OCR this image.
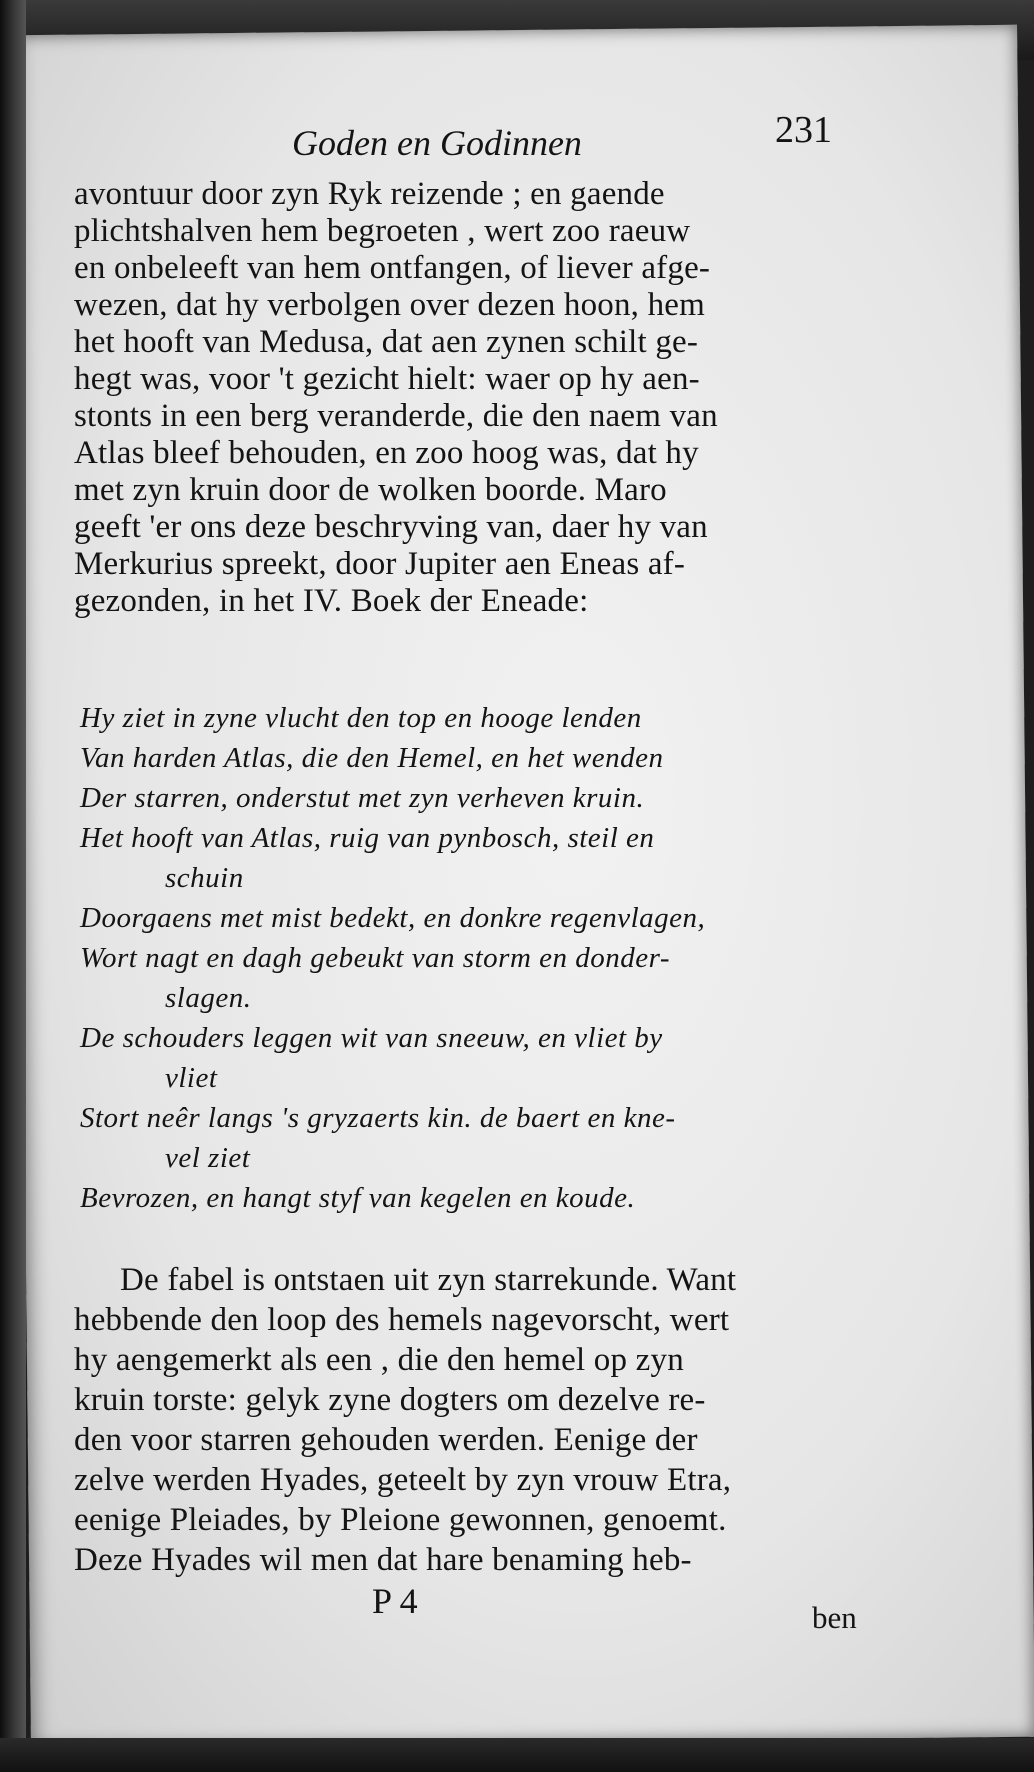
Goden en Godinnen	231
avontuur door zyn Ryk reizende ; en gaende
plichtshalven hem begroeten , wert zoo raeuw
en onbeleeft van hem ontfangen, of liever afge-
wezen, dat hy verbolgen over dezen hoon, hem
het hooft van Medusa, dat aen zynen schilt ge-
hegt was, voor 't gezicht hielt: waer op hy aen-
stonts in een berg veranderde, die den naem van
Atlas bleef behouden, en zoo hoog was, dat hy
met zyn kruin door de wolken boorde. Maro
geeft 'er ons deze beschryving van, daer hy van
Merkurius spreekt, door Jupiter aen Eneas af-
gezonden, in het IV. Boek der Eneade:
Hy ziet in zyne vlucht den top en hooge lenden
Van harden Atlas, die den Hemel, en het wenden
Der starren, onderstut met zyn verheven kruin.
Het hooft van Atlas, ruig van pynbosch, steil en
schuin
Doorgaens met mist bedekt, en donkre regenvlagen,
Wort nagt en dagh gebeukt van storm en donder-
slagen.
De schouders leggen wit van sneeuw, en vliet by
vliet
Stort neêr langs 's gryzaerts kin. de baert en kne-
vel ziet
Bevrozen, en hangt styf van kegelen en koude.
De fabel is ontstaen uit zyn starrekunde. Want
hebbende den loop des hemels nagevorscht, wert
hy aengemerkt als een , die den hemel op zyn
kruin torste: gelyk zyne dogters om dezelve re-
den voor starren gehouden werden. Eenige der
zelve werden Hyades, geteelt by zyn vrouw Etra,
eenige Pleiades, by Pleione gewonnen, genoemt.
Deze Hyades wil men dat hare benaming heb-
P 4	ben
